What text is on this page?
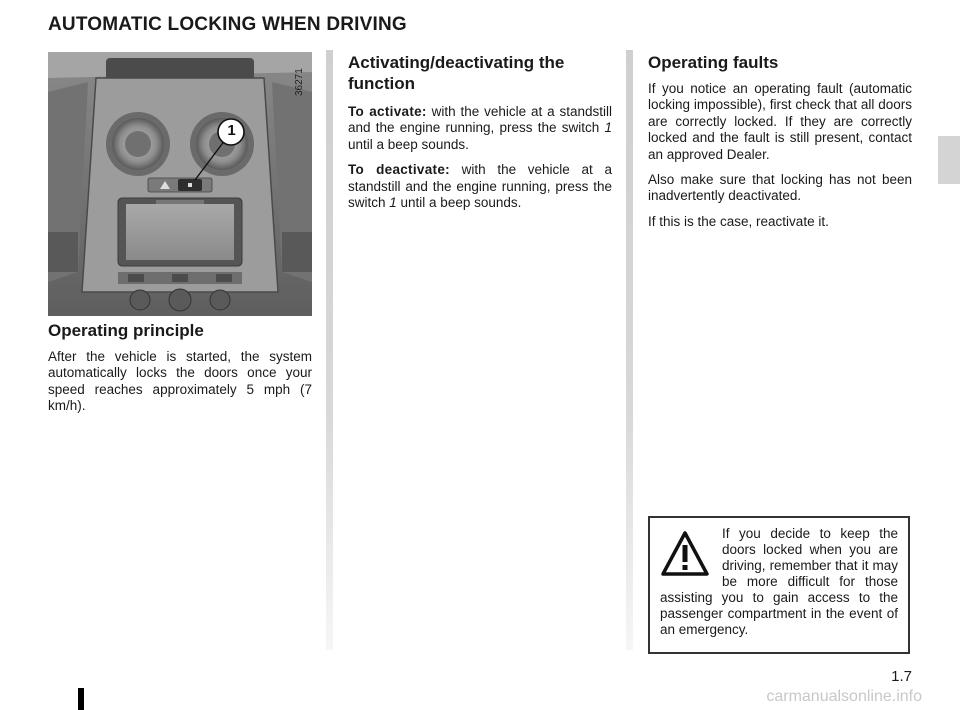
AUTOMATIC LOCKING WHEN DRIVING
1
36271
Operating principle

After the vehicle is started, the system automatically locks the doors once your speed reaches approximately 5 mph (7 km/h).

Activating/deactivating the function

To activate: with the vehicle at a standstill and the engine running, press the switch 1 until a beep sounds.

To deactivate: with the vehicle at a standstill and the engine running, press the switch 1 until a beep sounds.

Operating faults

If you notice an operating fault (automatic locking impossible), first check that all doors are correctly locked. If they are correctly locked and the fault is still present, contact an approved Dealer.

Also make sure that locking has not been inadvertently deactivated.

If this is the case, reactivate it.

If you decide to keep the doors locked when you are driving, remember that it may be more difficult for those assisting you to gain access to the passenger compartment in the event of an emergency.

1.7
carmanualsonline.info
